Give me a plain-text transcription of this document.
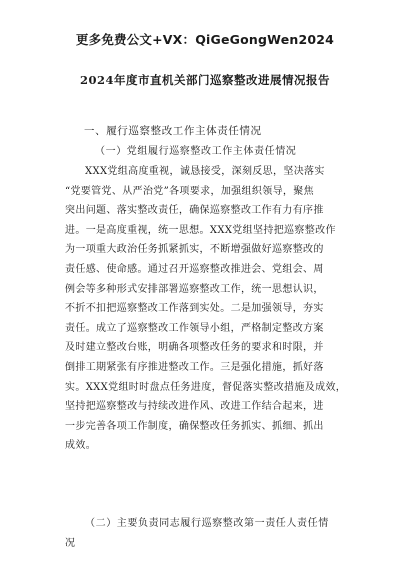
更多免费公文+VX：QiGeGongWen2024
2024年度市直机关部门巡察整改进展情况报告
一、履行巡察整改工作主体责任情况
（一）党组履行巡察整改工作主体责任情况
XXX党组高度重视，诚恳接受，深刻反思，坚决落实
“党要管党、从严治党”各项要求，加强组织领导，聚焦
突出问题、落实整改责任，确保巡察整改工作有力有序推
进。一是高度重视，统一思想。XXX党组坚持把巡察整改作
为一项重大政治任务抓紧抓实，不断增强做好巡察整改的
责任感、使命感。通过召开巡察整改推进会、党组会、周
例会等多种形式安排部署巡察整改工作，统一思想认识，
不折不扣把巡察整改工作落到实处。二是加强领导，夯实
责任。成立了巡察整改工作领导小组，严格制定整改方案
及时建立整改台账，明确各项整改任务的要求和时限，并
倒排工期紧张有序推进整改工作。三是强化措施，抓好落
实。XXX党组时时盘点任务进度，督促落实整改措施及成效，
坚持把巡察整改与持续改进作风、改进工作结合起来，进
一步完善各项工作制度，确保整改任务抓实、抓细、抓出
成效。
（二）主要负责同志履行巡察整改第一责任人责任情
况
